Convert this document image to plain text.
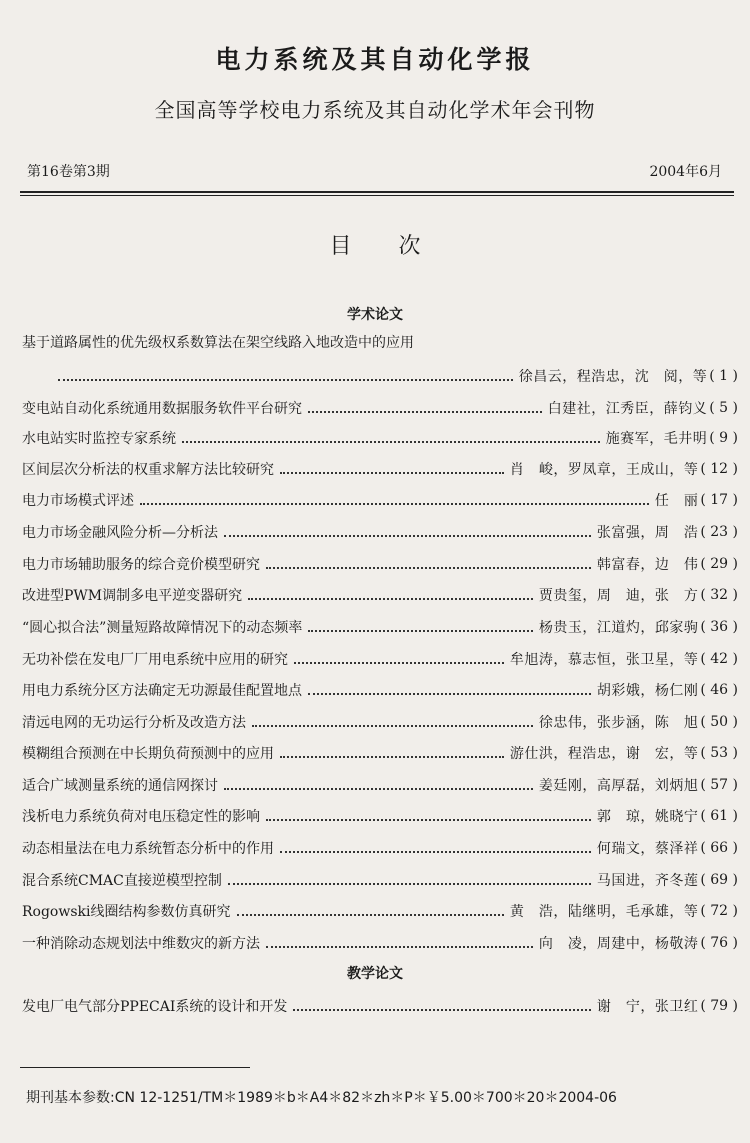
电力系统及其自动化学报
全国高等学校电力系统及其自动化学术年会刊物
第16卷第3期	2004年6月
目 次
学术论文
基于道路属性的优先级权系数算法在架空线路入地改造中的应用
徐昌云，程浩忠，沈　阅，等 ( 1 )
变电站自动化系统通用数据服务软件平台研究	白建社，江秀臣，薛钧义 ( 5 )
水电站实时监控专家系统	施赛军，毛井明 ( 9 )
区间层次分析法的权重求解方法比较研究	肖　峻，罗凤章，王成山，等 ( 12 )
电力市场模式评述	任　丽 ( 17 )
电力市场金融风险分析—分析法	张富强，周　浩 ( 23 )
电力市场辅助服务的综合竞价模型研究	韩富春，边　伟 ( 29 )
改进型PWM调制多电平逆变器研究	贾贵玺，周　迪，张　方 ( 32 )
“圆心拟合法”测量短路故障情况下的动态频率	杨贵玉，江道灼，邱家驹 ( 36 )
无功补偿在发电厂厂用电系统中应用的研究	牟旭涛，慕志恒，张卫星，等 ( 42 )
用电力系统分区方法确定无功源最佳配置地点	胡彩娥，杨仁刚 ( 46 )
清远电网的无功运行分析及改造方法	徐忠伟，张步涵，陈　旭 ( 50 )
模糊组合预测在中长期负荷预测中的应用	游仕洪，程浩忠，谢　宏，等 ( 53 )
适合广域测量系统的通信网探讨	姜廷刚，高厚磊，刘炳旭 ( 57 )
浅析电力系统负荷对电压稳定性的影响	郭　琼，姚晓宁 ( 61 )
动态相量法在电力系统暂态分析中的作用	何瑞文，蔡泽祥 ( 66 )
混合系统CMAC直接逆模型控制	马国进，齐冬莲 ( 69 )
Rogowski线圈结构参数仿真研究	黄　浩，陆继明，毛承雄，等 ( 72 )
一种消除动态规划法中维数灾的新方法	向　凌，周建中，杨敬涛 ( 76 )
教学论文
发电厂电气部分PPECAI系统的设计和开发	谢　宁，张卫红 ( 79 )
期刊基本参数:CN 12-1251/TM＊1989＊b＊A4＊82＊zh＊P＊￥5.00＊700＊20＊2004-06
